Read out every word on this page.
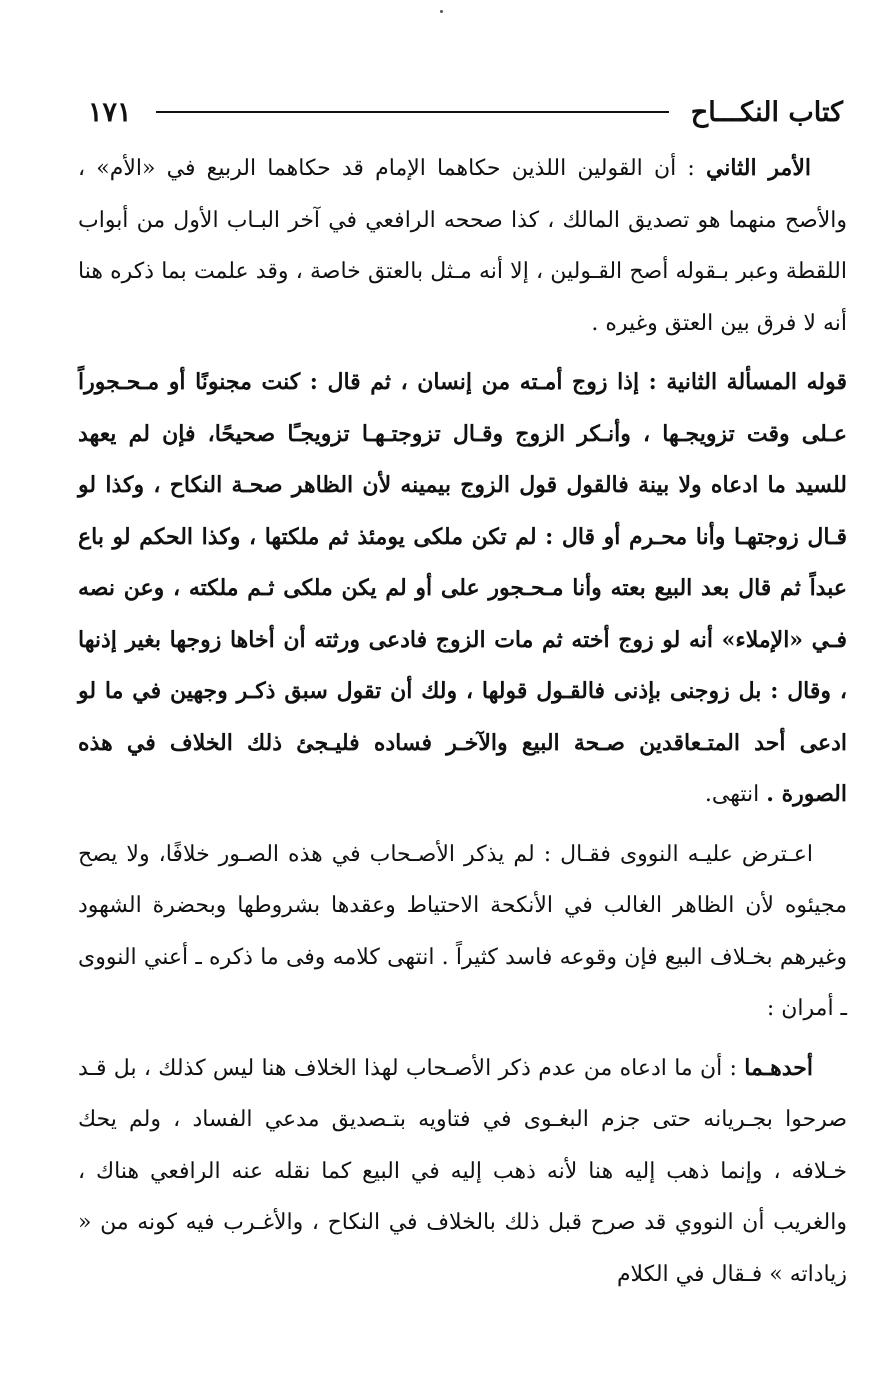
كتاب النكـــاح
١٧١

الأمر الثاني : أن القولين اللذين حكاهما الإمام قد حكاهما الربيع في «الأم» ، والأصح منهما هو تصديق المالك ، كذا صححه الرافعي في آخر البـاب الأول من أبواب اللقطة وعبر بـقوله أصح القـولين ، إلا أنه مـثل بالعتق خاصة ، وقد علمت بما ذكره هنا أنه لا فرق بين العتق وغيره .

قوله المسألة الثانية : إذا زوج أمـته من إنسان ، ثم قال : كنت مجنونًا أو مـحـجوراً عـلى وقت تزويجـها ، وأنـكر الزوج وقـال تزوجتـهـا تزويجـًا صحيحًا، فإن لم يعهد للسيد ما ادعاه ولا بينة فالقول قول الزوج بيمينه لأن الظاهر صحـة النكاح ، وكذا لو قـال زوجتهـا وأنا محـرم أو قال : لم تكن ملكى يومئذ ثم ملكتها ، وكذا الحكم لو باع عبداً ثم قال بعد البيع بعته وأنا مـحـجور على أو لم يكن ملكى ثـم ملكته ، وعن نصه فـي «الإملاء» أنه لو زوج أخته ثم مات الزوج فادعى ورثته أن أخاها زوجها بغير إذنها ، وقال : بل زوجنى بإذنى فالقـول قولها ، ولك أن تقول سبق ذكـر وجهين في ما لو ادعى أحد المتـعاقدين صـحة البيع والآخـر فساده فليـجئ ذلك الخلاف في هذه الصورة . انتهى.

اعـترض عليـه النووى فقـال : لم يذكر الأصـحاب في هذه الصـور خلافًا، ولا يصح مجيئوه لأن الظاهر الغالب في الأنكحة الاحتياط وعقدها بشروطها وبحضرة الشهود وغيرهم بخـلاف البيع فإن وقوعه فاسد كثيراً . انتهى كلامه وفى ما ذكره ـ أعني النووى ـ أمران :

أحدهـما : أن ما ادعاه من عدم ذكر الأصـحاب لهذا الخلاف هنا ليس كذلك ، بل قـد صرحوا بجـريانه حتى جزم البغـوى في فتاويه بتـصديق مدعي الفساد ، ولم يحك خـلافه ، وإنما ذهب إليه هنا لأنه ذهب إليه في البيع كما نقله عنه الرافعي هناك ، والغريب أن النووي قد صرح قبل ذلك بالخلاف في النكاح ، والأغـرب فيه كونه من « زياداته » فـقال في الكلام
